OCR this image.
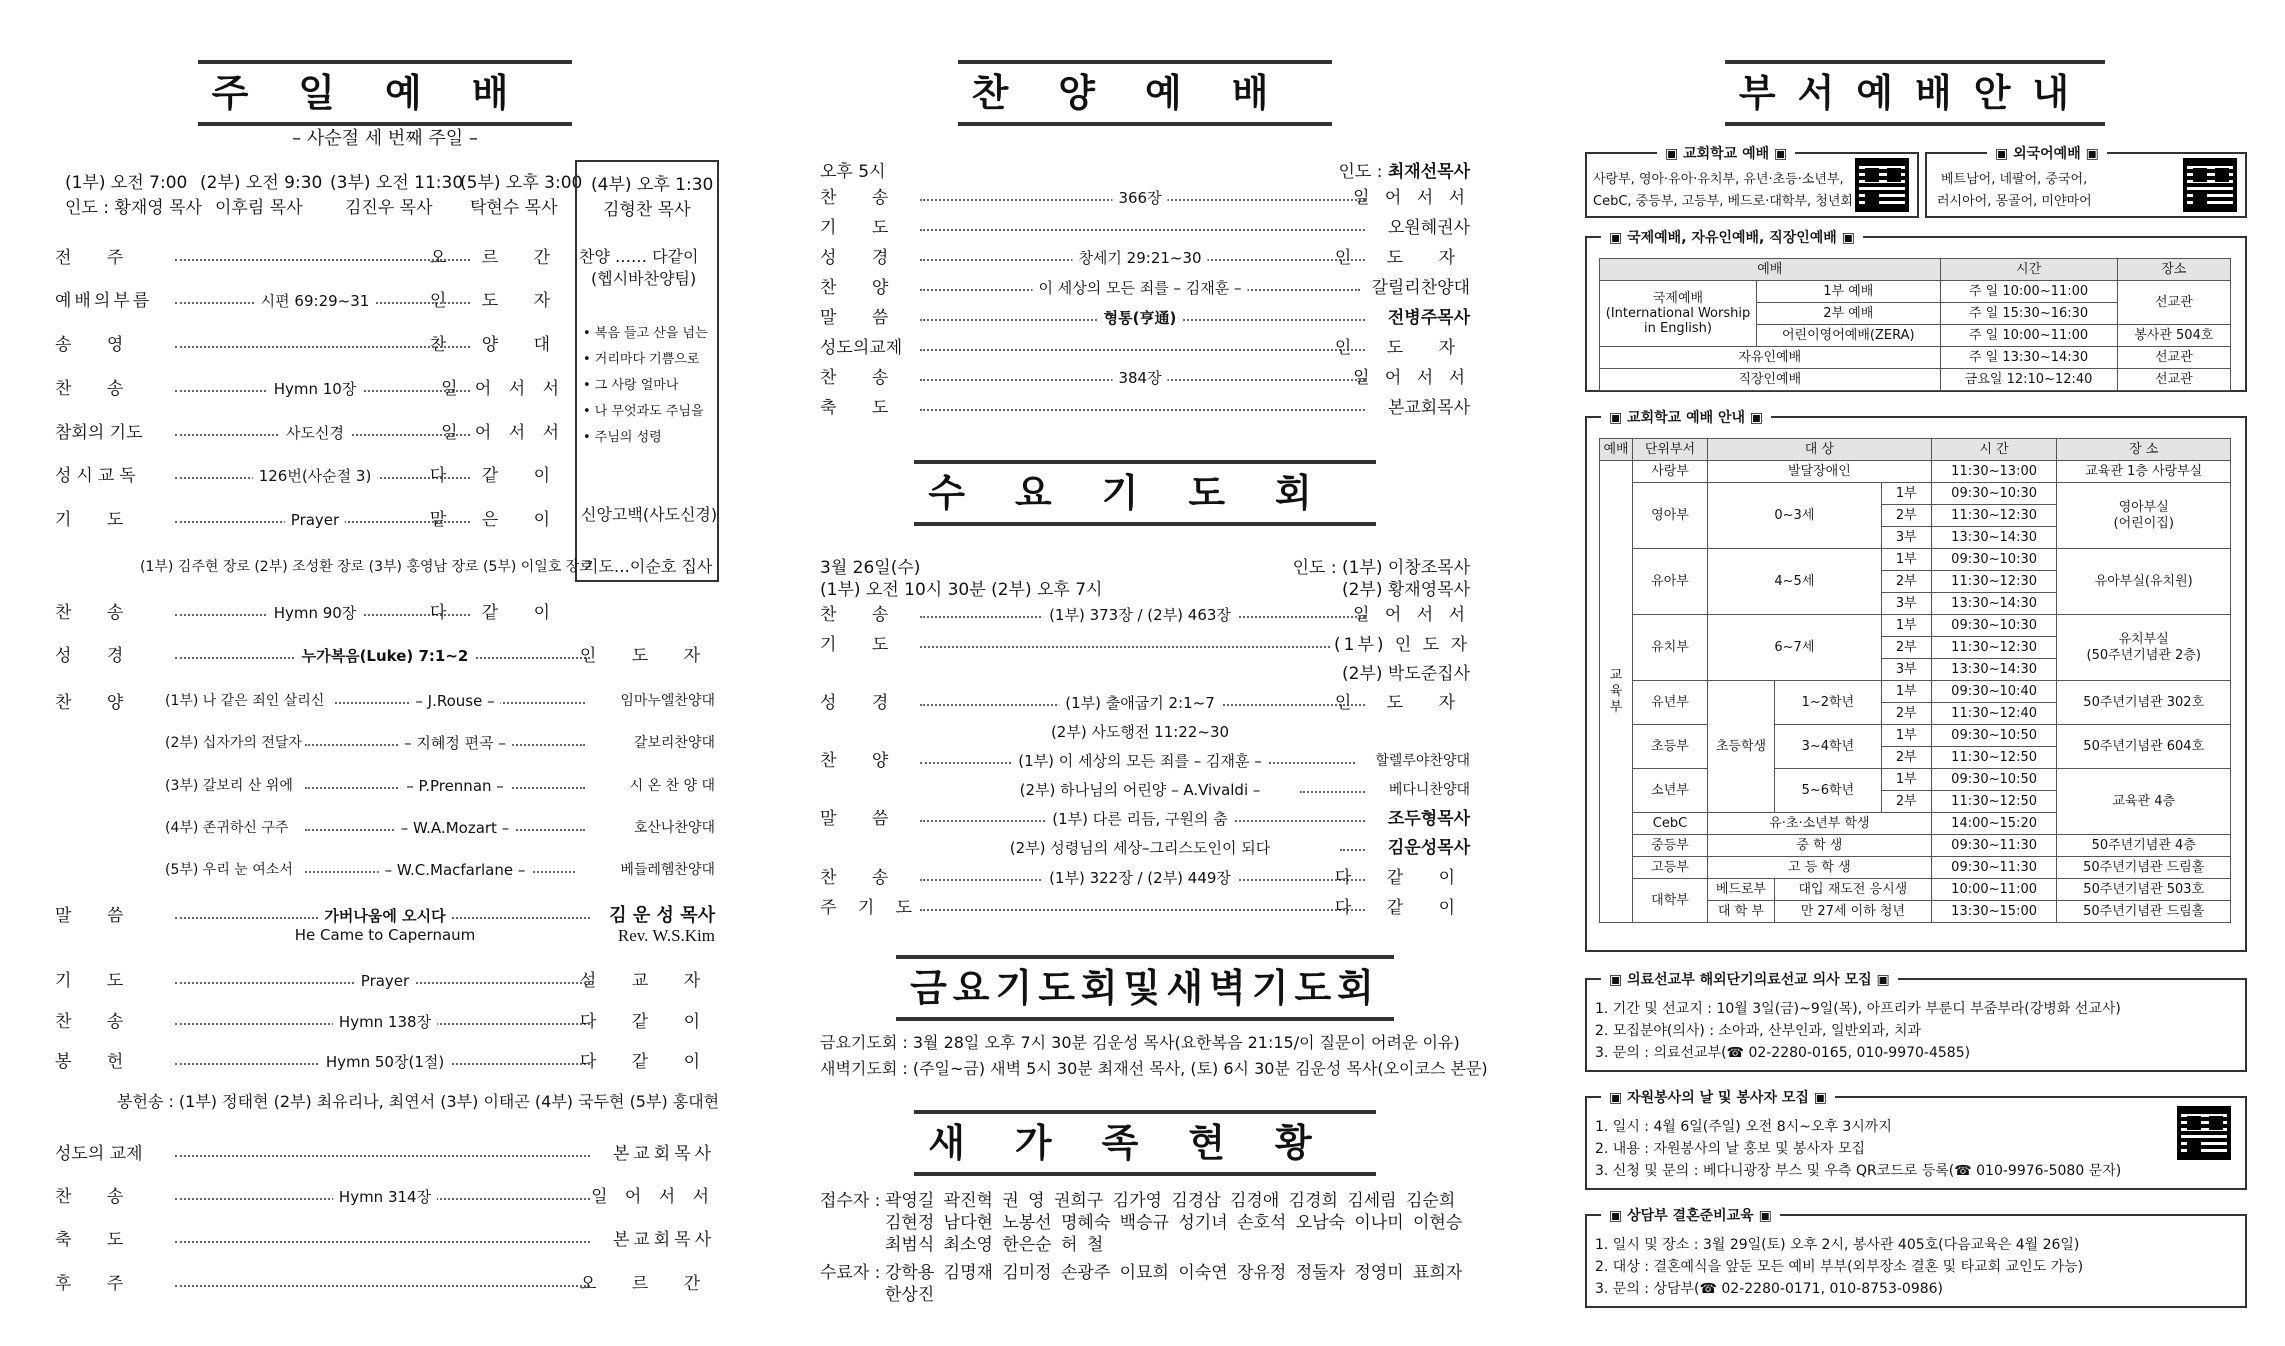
주일예배
– 사순절 세 번째 주일 –
(1부) 오전 7:00 (2부) 오전 9:30 (3부) 오전 11:30
(5부) 오후 3:00
인도 : 황재영 목사 이후림 목사 김진우 목사 탁현수 목사
(4부) 오후 1:30
김형찬 목사
찬양 …… 다같이
(헵시바찬양팀)
• 복음 들고 산을 넘는
• 거리마다 기쁨으로
• 그 사랑 얼마나
• 나 무엇과도 주님을
• 주님의 성령
신앙고백(사도신경)
기도…이순호 집사
전 주	오 르 간
예배의부름	시편 69:29~31	인 도 자
송 영	찬 양 대
찬 송	Hymn 10장	일 어 서 서
참회의 기도	사도신경	일 어 서 서
성시교독	126번(사순절 3)	다 같 이
기 도	Prayer	맡 은 이
(1부) 김주현 장로 (2부) 조성환 장로 (3부) 홍영남 장로 (5부) 이일호 장로
찬 송	Hymn 90장	다 같 이
성 경	누가복음(Luke) 7:1~2	인 도 자
찬 양 (1부) 나 같은 죄인 살리신	– J.Rouse –	임마누엘찬양대
(2부) 십자가의 전달자	– 지혜정 편곡 –	갈보리찬양대
(3부) 갈보리 산 위에	– P.Prennan –	시 온 찬 양 대
(4부) 존귀하신 구주	– W.A.Mozart –	호산나찬양대
(5부) 우리 눈 여소서	– W.C.Macfarlane –	베들레헴찬양대
말 씀	가버나움에 오시다	김 운 성 목사
He Came to Capernaum	Rev. W.S.Kim
기 도	Prayer	설 교 자
찬 송	Hymn 138장	다 같 이
봉 헌	Hymn 50장(1절)	다 같 이
봉헌송 : (1부) 정태현 (2부) 최유리나, 최연서 (3부) 이태곤 (4부) 국두현 (5부) 홍대현
성도의 교제	본교회목사
찬 송	Hymn 314장	일 어 서 서
축 도	본교회목사
후 주	오 르 간
찬양예배
오후 5시	인도 : 최재선목사
찬 송	366장	일 어 서 서
기 도	오원혜권사
성 경	창세기 29:21~30	인 도 자
찬 양	이 세상의 모든 죄를 – 김재훈 –	갈릴리찬양대
말 씀	형통(亨通)	전병주목사
성도의교제	인 도 자
찬 송	384장	일 어 서 서
축 도	본교회목사
수요기도회
3월 26일(수)	인도 : (1부) 이창조목사
(1부) 오전 10시 30분 (2부) 오후 7시	(2부) 황재영목사
찬 송	(1부) 373장 / (2부) 463장	일 어 서 서
기 도	(1부) 인 도 자
(2부) 박도준집사
성 경	(1부) 출애굽기 2:1~7	인 도 자
(2부) 사도행전 11:22~30
찬 양	(1부) 이 세상의 모든 죄를 – 김재훈 –	할렐루야찬양대
(2부) 하나님의 어린양 – A.Vivaldi –	베다니찬양대
말 씀	(1부) 다른 리듬, 구원의 춤	조두형목사
(2부) 성령님의 세상–그리스도인이 되다	김운성목사
찬 송	(1부) 322장 / (2부) 449장	다 같 이
주 기 도	다 같 이
금요기도회및새벽기도회
금요기도회 : 3월 28일 오후 7시 30분 김운성 목사(요한복음 21:15/이 질문이 어려운 이유)
새벽기도회 : (주일~금) 새벽 5시 30분 최재선 목사, (토) 6시 30분 김운성 목사(오이코스 본문)
새가족현황
접수자 : 곽영길 곽진혁 권 영 권희구 김가영 김경삼 김경애 김경희 김세림 김순희
김현정 남다현 노봉선 명혜숙 백승규 성기녀 손호석 오남숙 이나미 이현승
최범식 최소영 한은순 허 철
수료자 : 강학용 김명재 김미정 손광주 이묘희 이숙연 장유정 정둘자 정영미 표희자
한상진
부서예배안내
▣ 교회학교 예배 ▣
사랑부, 영아·유아·유치부, 유년·초등·소년부,
CebC, 중등부, 고등부, 베드로·대학부, 청년회
▣ 외국어예배 ▣
베트남어, 네팔어, 중국어,
러시아어, 몽골어, 미얀마어
▣ 국제예배, 자유인예배, 직장인예배 ▣
예배		시간	장소
국제예배
(International Worship
in English)	1부 예배	주 일 10:00~11:00	선교관
	2부 예배	주 일 15:30~16:30	
	어린이영어예배(ZERA)	주 일 10:00~11:00	봉사관 504호
자유인예배		주 일 13:30~14:30	선교관
직장인예배		금요일 12:10~12:40	선교관
▣ 교회학교 예배 안내 ▣
예배	단위부서	대 상			시 간	장 소
교
육
부	사랑부	발달장애인			11:30~13:00	교육관 1층 사랑부실
	영아부	0~3세		1부	09:30~10:30	영아부실
(어린이집)
				2부	11:30~12:30	
				3부	13:30~14:30	
	유아부	4~5세		1부	09:30~10:30	유아부실(유치원)
				2부	11:30~12:30	
				3부	13:30~14:30	
	유치부	6~7세		1부	09:30~10:30	유치부실
(50주년기념관 2층)
				2부	11:30~12:30	
				3부	13:30~14:30	
	유년부	초등학생	1~2학년	1부	09:30~10:40	50주년기념관 302호
				2부	11:30~12:40	
	초등부		3~4학년	1부	09:30~10:50	50주년기념관 604호
				2부	11:30~12:50	
	소년부		5~6학년	1부	09:30~10:50	교육관 4층
				2부	11:30~12:50	
	CebC	유·초·소년부 학생			14:00~15:20	
	중등부	중 학 생			09:30~11:30	50주년기념관 4층
	고등부	고 등 학 생			09:30~11:30	50주년기념관 드림홀
	대학부	베드로부	대입 재도전 응시생		10:00~11:00	50주년기념관 503호
		대 학 부	만 27세 이하 청년		13:30~15:00	50주년기념관 드림홀
▣ 의료선교부 해외단기의료선교 의사 모집 ▣
1. 기간 및 선교지 : 10월 3일(금)~9일(목), 아프리카 부룬디 부줌부라(강병화 선교사)
2. 모집분야(의사) : 소아과, 산부인과, 일반외과, 치과
3. 문의 : 의료선교부(☎ 02-2280-0165, 010-9970-4585)
▣ 자원봉사의 날 및 봉사자 모집 ▣
1. 일시 : 4월 6일(주일) 오전 8시~오후 3시까지
2. 내용 : 자원봉사의 날 홍보 및 봉사자 모집
3. 신청 및 문의 : 베다니광장 부스 및 우측 QR코드로 등록(☎ 010-9976-5080 문자)
▣ 상담부 결혼준비교육 ▣
1. 일시 및 장소 : 3월 29일(토) 오후 2시, 봉사관 405호(다음교육은 4월 26일)
2. 대상 : 결혼예식을 앞둔 모든 예비 부부(외부장소 결혼 및 타교회 교인도 가능)
3. 문의 : 상담부(☎ 02-2280-0171, 010-8753-0986)
